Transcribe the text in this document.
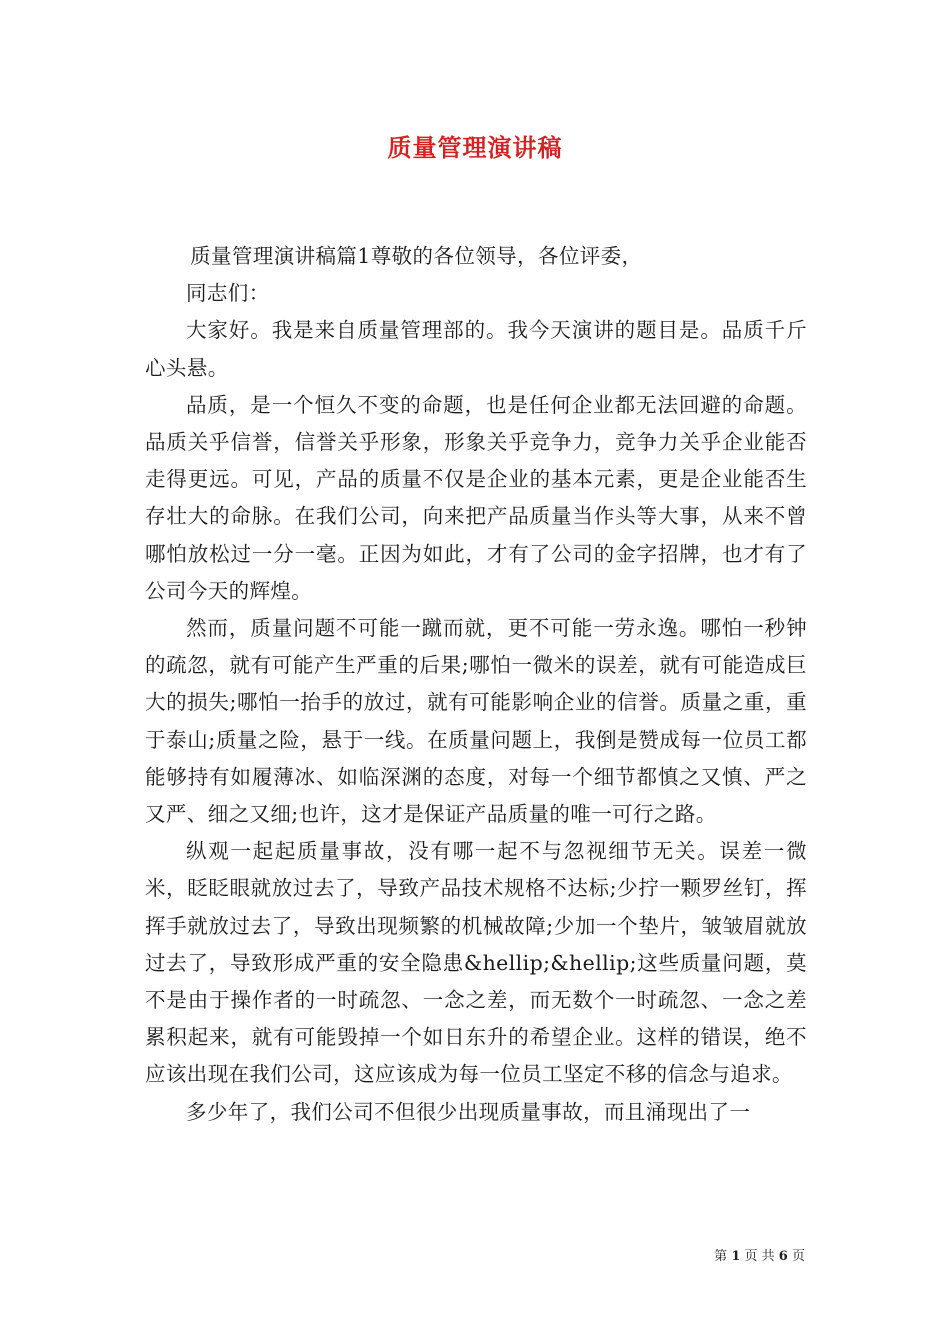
质量管理演讲稿

质量管理演讲稿篇1尊敬的各位领导，各位评委，

同志们：

大家好。我是来自质量管理部的。我今天演讲的题目是。品质千斤心头悬。

品质，是一个恒久不变的命题，也是任何企业都无法回避的命题。品质关乎信誉，信誉关乎形象，形象关乎竞争力，竞争力关乎企业能否走得更远。可见，产品的质量不仅是企业的基本元素，更是企业能否生存壮大的命脉。在我们公司，向来把产品质量当作头等大事，从来不曾哪怕放松过一分一毫。正因为如此，才有了公司的金字招牌，也才有了公司今天的辉煌。

然而，质量问题不可能一蹴而就，更不可能一劳永逸。哪怕一秒钟的疏忽，就有可能产生严重的后果;哪怕一微米的误差，就有可能造成巨大的损失;哪怕一抬手的放过，就有可能影响企业的信誉。质量之重，重于泰山;质量之险，悬于一线。在质量问题上，我倒是赞成每一位员工都能够持有如履薄冰、如临深渊的态度，对每一个细节都慎之又慎、严之又严、细之又细;也许，这才是保证产品质量的唯一可行之路。

纵观一起起质量事故，没有哪一起不与忽视细节无关。误差一微米，眨眨眼就放过去了，导致产品技术规格不达标;少拧一颗罗丝钉，挥挥手就放过去了，导致出现频繁的机械故障;少加一个垫片，皱皱眉就放过去了，导致形成严重的安全隐患&hellip;&hellip;这些质量问题，莫不是由于操作者的一时疏忽、一念之差，而无数个一时疏忽、一念之差累积起来，就有可能毁掉一个如日东升的希望企业。这样的错误，绝不应该出现在我们公司，这应该成为每一位员工坚定不移的信念与追求。

多少年了，我们公司不但很少出现质量事故，而且涌现出了一

第 1 页 共 6 页
